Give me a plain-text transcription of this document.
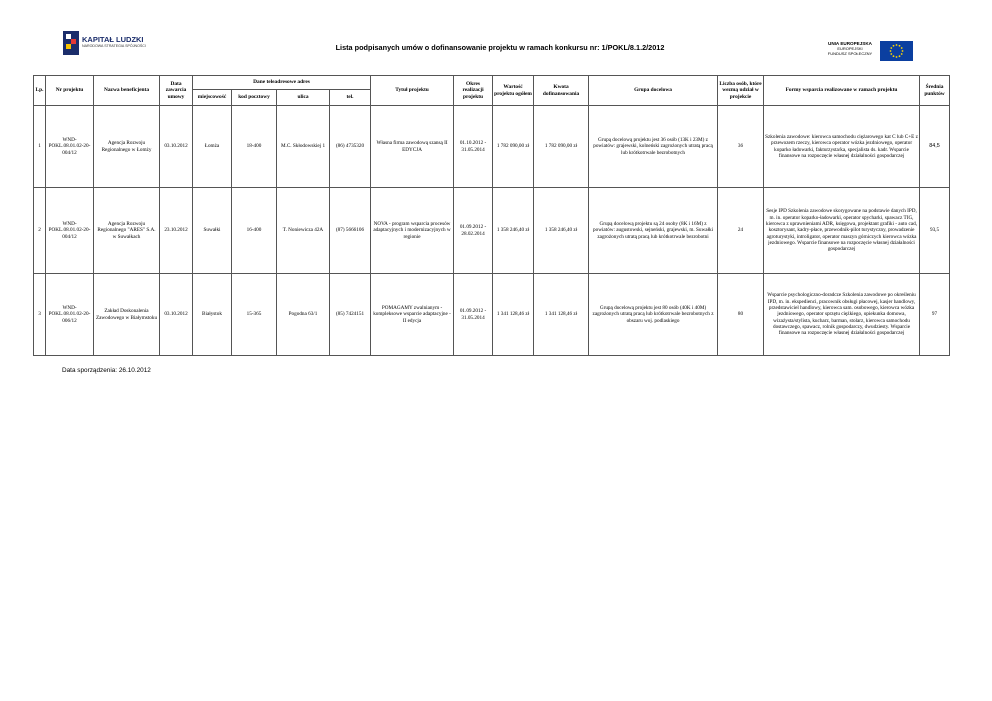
KAPITAŁ LUDZKI
NARODOWA STRATEGIA SPÓJNOŚCI	Lista podpisanych umów o dofinansowanie projektu w ramach konkursu nr: 1/POKL/8.1.2/2012	UNIA EUROPEJSKA
EUROPEJSKI
FUNDUSZ SPOŁECZNY
Lp.	Nr projektu	Nazwa beneficjenta	Data zawarcia umowy	Dane teleadresowe adres				Tytuł projektu	Okres realizacji projektu	Wartość projektu ogółem	Kwota dofinansowania	Grupa docelowa	Liczba osób, które wezmą udział w projekcie	Formy wsparcia realizowane w ramach projektu	Średnia punktów
				miejscowość	kod pocztowy	ulica	tel.								
1	WND-POKL.08.01.02-20-004/12	Agencja Rozwoju Regionalnego w Łomży	03.10.2012	Łomża	18-400	M.C. Skłodowskiej 1	(86) 4735320	Własna firma zawodową szansą II EDYCJA	01.10.2012 - 31.05.2014	1 782 090,00 zł	1 782 090,00 zł	Grupą docelową projektu jest 36 osób (13K i 23M) z powiatów: grajewski, kolneński zagrożonych utratą pracą lub krótkotrwale bezrobotnych	36	Szkolenia zawodowe: kierowca samochodu ciężarowego kat C lub C+E z przewozem rzeczy, kierowca operator wózka jezdniowego, operator koparko ładowarki, fakturzysta/ka, specjalista ds. kadr. Wsparcie finansowe na rozpoczęcie własnej działalności gospodarczej	84,5
2	WND-POKL.08.01.02-20-004/12	Agencja Rozwoju Regionalnego "ARES" S.A. w Suwałkach	23.10.2012	Suwałki	16-400	T. Noniewicza 42A	(87) 5666106	NOVA - program wsparcia procesów adaptacyjnych i modernizacyjnych w regionie	01.09.2012 - 28.02.2014	1 358 246,40 zł	1 358 246,40 zł	Grupą docelową projektu są 24 osoby (8K i 16M) z powiatów: augustowski, sejneński, grajewski, m. Suwałki zagrożonych utratą pracą lub krótkotrwale bezrobotni	24	Sesje IPD Szkolenia zawodowe skorygowane na podstawie danych IPD, m. in. operator koparko-ładowarki, operator spycharki, spawacz TIG, kierowca z uprawnieniami ADR, księgowa, projektant grafiki - auto cad, kosztorysant, kadry-płace, przewodnik-pilot turystyczny, prowadzenie agroturystyki, introligator, operator maszyn górniczych kierowca wózka jezdniowego. Wsparcie finansowe na rozpoczęcie własnej działalności gospodarczej	93,5
3	WND-POKL.08.01.02-20-006/12	Zakład Doskonalenia Zawodowego w Białymstoku	03.10.2012	Białystok	15-365	Pogodna 63/1	(85) 7424151	POMAGAMY zwalnianym - kompleksowe wsparcie adaptacyjne - II edycja	01.09.2012 - 31.05.2014	1 341 128,46 zł	1 341 128,46 zł	Grupą docelową projektu jest 80 osób (40K i 40M) zagrożonych utratą pracą lub krótkotrwale bezrobotnych z obszaru woj. podlaskiego	80	Wsparcie psychologiczno-doradcze Szkolenia zawodowe po określeniu IPD, m. in. ekspedienci, pracownik obsługi płacowej, kasjer handlowy, przedstawiciel handlowy, kierowca sam. osobowego, kierowca wózka jezdniowego, operator sprzętu ciężkiego, opiekunka domowa, wizażysta/stylista, kucharz, barman, stolarz, kierowca samochodu dostawczego, spawacz, rolnik gospodarczy, dwudziesty. Wsparcie finansowe na rozpoczęcie własnej działalności gospodarczej	97
Data sporządzenia: 26.10.2012
